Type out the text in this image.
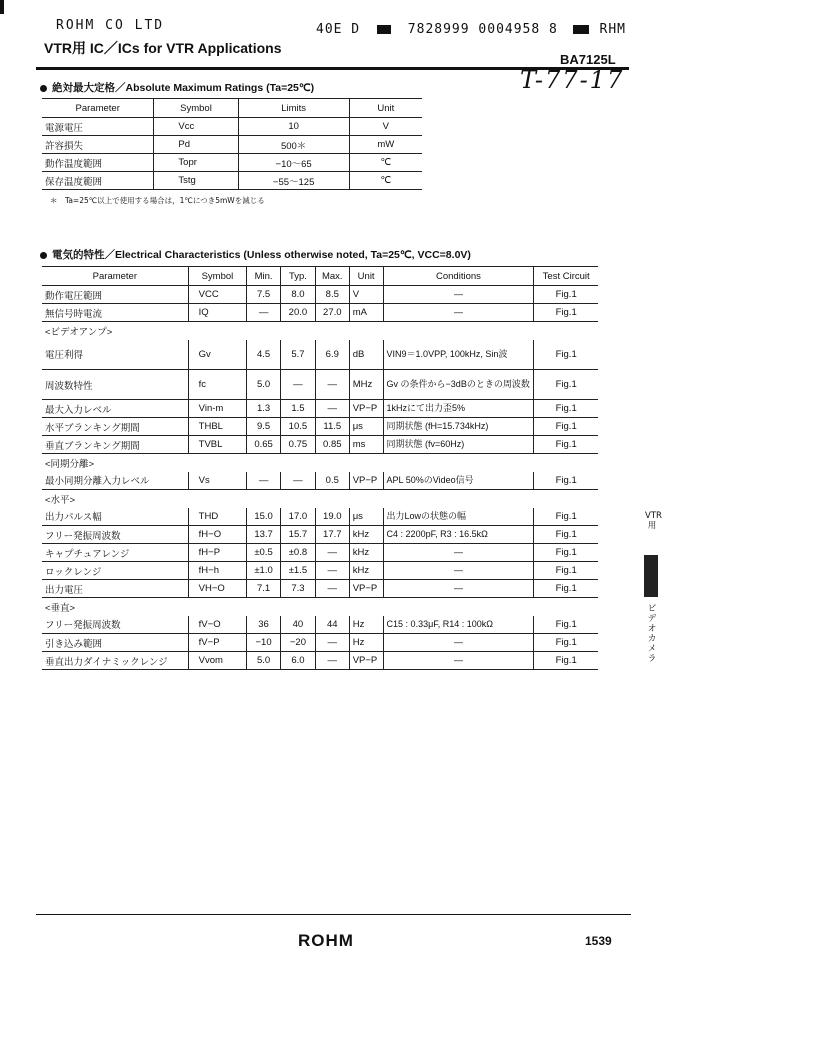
ROHM CO LTD	40E D	7828999 0004958 8	RHM
VTR用 IC／ICs for VTR Applications
BA7125L
T-77-17
絶対最大定格／Absolute Maximum Ratings (Ta=25℃)
Parameter	Symbol	Limits	Unit
電源電圧	Vcc	10	V
許容損失	Pd	500＊	mW
動作温度範囲	Topr	−10〜65	℃
保存温度範囲	Tstg	−55〜125	℃
＊　Ta=25℃以上で使用する場合は，1℃につき5mWを減じる
電気的特性／Electrical Characteristics (Unless otherwise noted, Ta=25℃, VCC=8.0V)
Parameter	Symbol	Min.	Typ.	Max.	Unit	Conditions	Test Circuit
動作電圧範囲	VCC	7.5	8.0	8.5	V	—	Fig.1
無信号時電流	IQ	—	20.0	27.0	mA	—	Fig.1
<ビデオアンプ>							
電圧利得	Gv	4.5	5.7	6.9	dB	VIN9＝1.0VPP, 100kHz, Sin波	Fig.1
周波数特性	fc	5.0	—	—	MHz	Gv の条件から−3dBのときの周波数	Fig.1
最大入力レベル	Vin-m	1.3	1.5	—	VP−P	1kHzにて出力歪5%	Fig.1
水平ブランキング期間	THBL	9.5	10.5	11.5	μs	同期状態 (fH=15.734kHz)	Fig.1
垂直ブランキング期間	TVBL	0.65	0.75	0.85	ms	同期状態 (fv=60Hz)	Fig.1
<同期分離>							
最小同期分離入力レベル	Vs	—	—	0.5	VP−P	APL 50%のVideo信号	Fig.1
<水平>							
出力パルス幅	THD	15.0	17.0	19.0	μs	出力Lowの状態の幅	Fig.1
フリー発振周波数	fH−O	13.7	15.7	17.7	kHz	C4 : 2200pF, R3 : 16.5kΩ	Fig.1
キャプチュアレンジ	fH−P	±0.5	±0.8	—	kHz	—	Fig.1
ロックレンジ	fH−h	±1.0	±1.5	—	kHz	—	Fig.1
出力電圧	VH−O	7.1	7.3	—	VP−P	—	Fig.1
<垂直>							
フリー発振周波数	fV−O	36	40	44	Hz	C15 : 0.33μF, R14 : 100kΩ	Fig.1
引き込み範囲	fV−P	−10	−20	—	Hz	—	Fig.1
垂直出力ダイナミックレンジ	Vvom	5.0	6.0	—	VP−P	—	Fig.1
VTR用
ビデオカメラ
ROHM	1539
